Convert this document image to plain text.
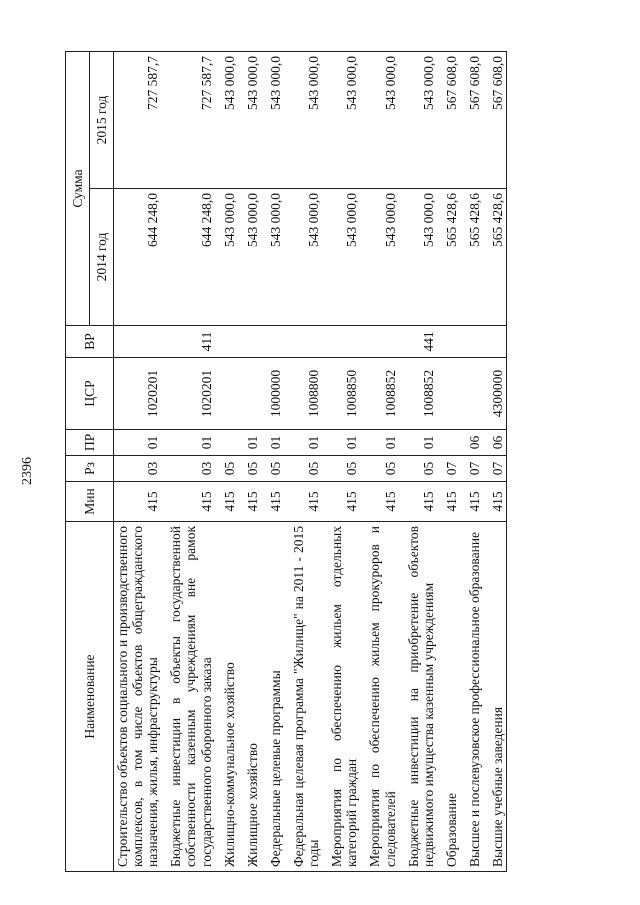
2396
Наименование	Мин	Рз	ПР	ЦСР	ВР	Сумма	
						2014 год	2015 год
Строительство объектов социального и производственного комплексов, в том числе объектов общегражданского назначения, жилья, инфраструктуры	415	03	01	1020201		644 248,0	727 587,7

Бюджетные инвестиции в объекты государственной собственности казенным учреждениям вне рамок государственного оборонного заказа	415	03	01	1020201	411	644 248,0	727 587,7

Жилищно-коммунальное хозяйство	415	05				543 000,0	543 000,0

Жилищное хозяйство	415	05	01			543 000,0	543 000,0

Федеральные целевые программы	415	05	01	1000000		543 000,0	543 000,0

Федеральная целевая программа "Жилище" на 2011 - 2015 годы	415	05	01	1008800		543 000,0	543 000,0

Мероприятия по обеспечению жильем отдельных категорий граждан	415	05	01	1008850		543 000,0	543 000,0

Мероприятия по обеспечению жильем прокуроров и следователей	415	05	01	1008852		543 000,0	543 000,0

Бюджетные инвестиции на приобретение объектов недвижимого имущества казенным учреждениям	415	05	01	1008852	441	543 000,0	543 000,0

Образование	415	07				565 428,6	567 608,0

Высшее и послевузовское профессиональное образование	415	07	06			565 428,6	567 608,0

Высшие учебные заведения	415	07	06	4300000		565 428,6	567 608,0
